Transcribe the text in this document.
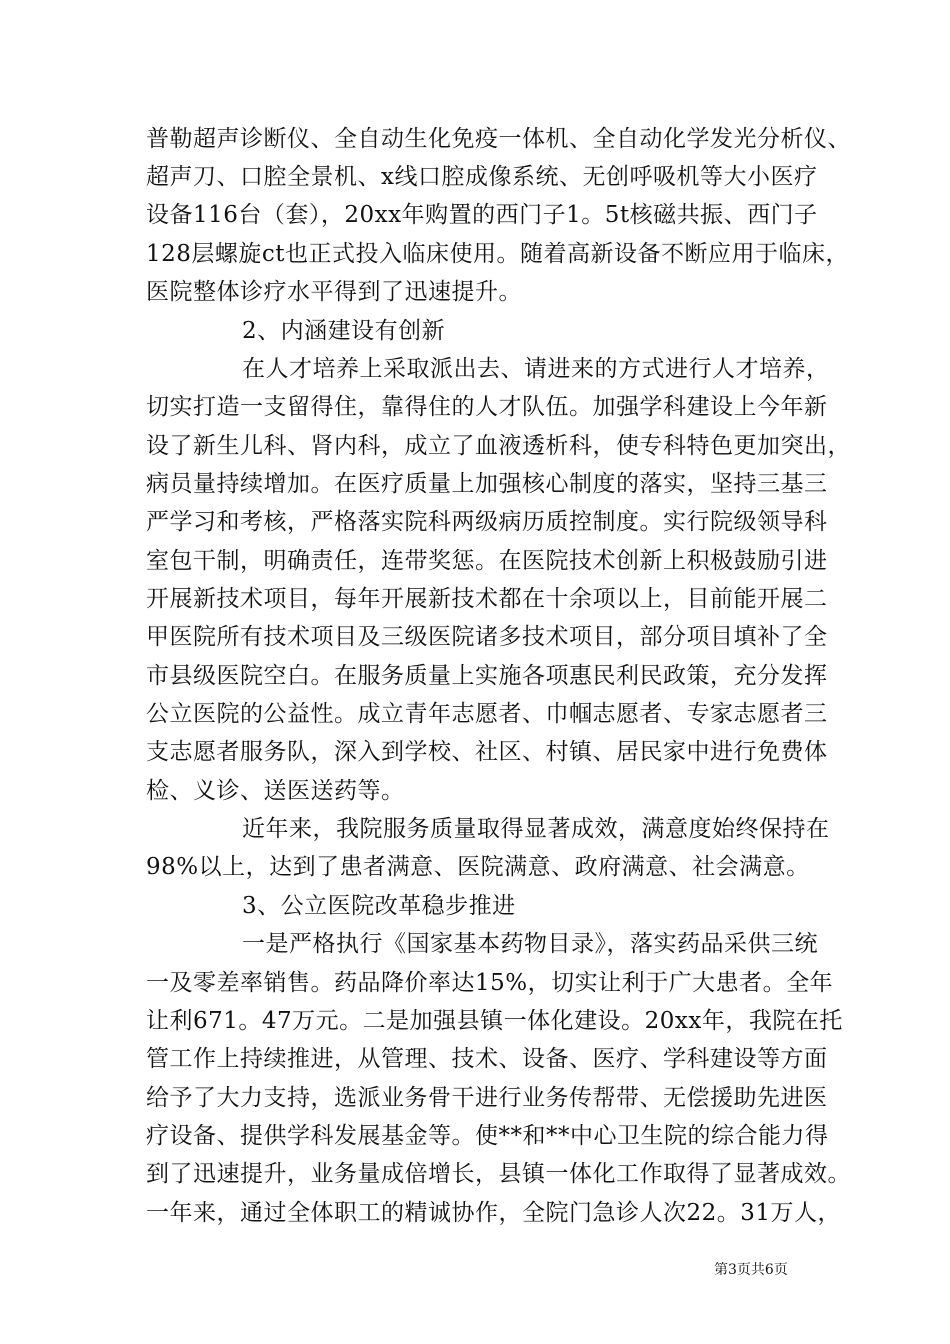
普勒超声诊断仪、全自动生化免疫一体机、全自动化学发光分析仪、
超声刀、口腔全景机、x线口腔成像系统、无创呼吸机等大小医疗
设备116台（套），20xx年购置的西门子1。5t核磁共振、西门子
128层螺旋ct也正式投入临床使用。随着高新设备不断应用于临床，
医院整体诊疗水平得到了迅速提升。
2、内涵建设有创新
在人才培养上采取派出去、请进来的方式进行人才培养，
切实打造一支留得住，靠得住的人才队伍。加强学科建设上今年新
设了新生儿科、肾内科，成立了血液透析科，使专科特色更加突出，
病员量持续增加。在医疗质量上加强核心制度的落实，坚持三基三
严学习和考核，严格落实院科两级病历质控制度。实行院级领导科
室包干制，明确责任，连带奖惩。在医院技术创新上积极鼓励引进
开展新技术项目，每年开展新技术都在十余项以上，目前能开展二
甲医院所有技术项目及三级医院诸多技术项目，部分项目填补了全
市县级医院空白。在服务质量上实施各项惠民利民政策，充分发挥
公立医院的公益性。成立青年志愿者、巾帼志愿者、专家志愿者三
支志愿者服务队，深入到学校、社区、村镇、居民家中进行免费体
检、义诊、送医送药等。
近年来，我院服务质量取得显著成效，满意度始终保持在
98%以上，达到了患者满意、医院满意、政府满意、社会满意。
3、公立医院改革稳步推进
一是严格执行《国家基本药物目录》，落实药品采供三统
一及零差率销售。药品降价率达15%，切实让利于广大患者。全年
让利671。47万元。二是加强县镇一体化建设。20xx年，我院在托
管工作上持续推进，从管理、技术、设备、医疗、学科建设等方面
给予了大力支持，选派业务骨干进行业务传帮带、无偿援助先进医
疗设备、提供学科发展基金等。使**和**中心卫生院的综合能力得
到了迅速提升，业务量成倍增长，县镇一体化工作取得了显著成效。
一年来，通过全体职工的精诚协作，全院门急诊人次22。31万人，
第3页共6页
